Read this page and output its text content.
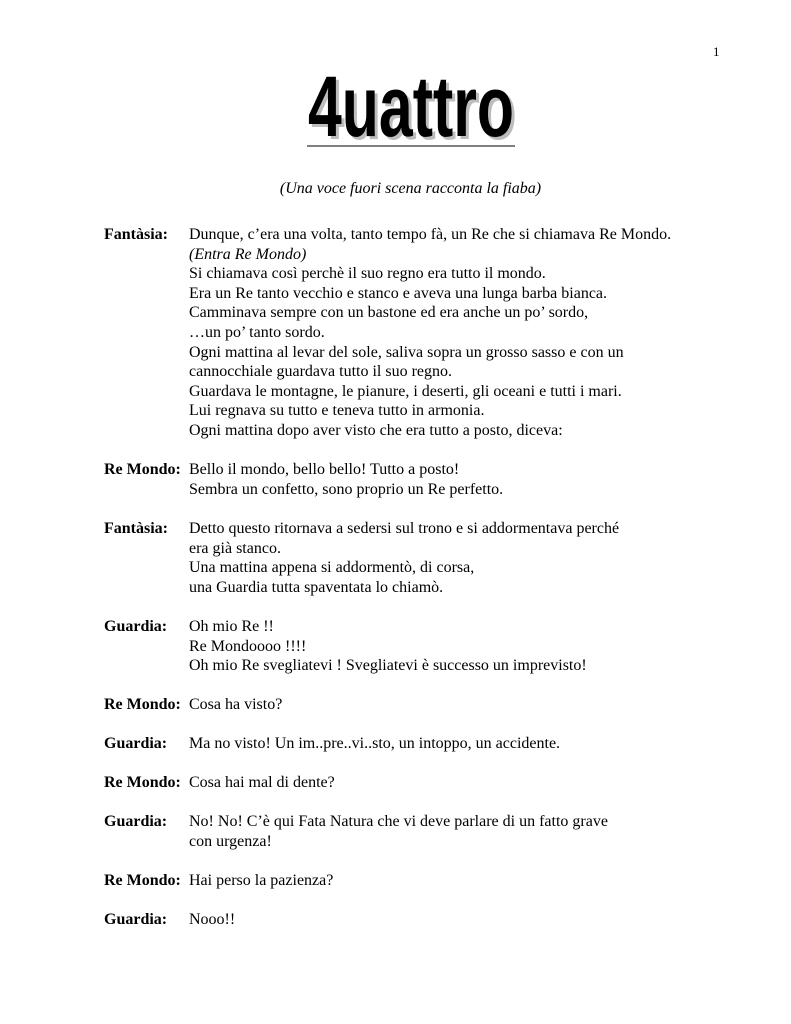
1
4uattro
4uattro
(Una voce fuori scena racconta la fiaba)
Fantàsia: Dunque, c’era una volta, tanto tempo fà, un Re che si chiamava Re Mondo.
(Entra Re Mondo)
Si chiamava così perchè il suo regno era tutto il mondo.
Era un Re tanto vecchio e stanco e aveva una lunga barba bianca.
Camminava sempre con un bastone ed era anche un po’ sordo,
…un po’ tanto sordo.
Ogni mattina al levar del sole, saliva sopra un grosso sasso e con un
cannocchiale guardava tutto il suo regno.
Guardava le montagne, le pianure, i deserti, gli oceani e tutti i mari.
Lui regnava su tutto e teneva tutto in armonia.
Ogni mattina dopo aver visto che era tutto a posto, diceva:
Re Mondo: Bello il mondo, bello bello! Tutto a posto!
Sembra un confetto, sono proprio un Re perfetto.
Fantàsia: Detto questo ritornava a sedersi sul trono e si addormentava perché
era già stanco.
Una mattina appena si addormentò, di corsa,
una Guardia tutta spaventata lo chiamò.
Guardia: Oh mio Re !!
Re Mondoooo !!!!
Oh mio Re svegliatevi ! Svegliatevi è successo un imprevisto!
Re Mondo: Cosa ha visto?
Guardia: Ma no visto! Un im..pre..vi..sto, un intoppo, un accidente.
Re Mondo: Cosa hai mal di dente?
Guardia: No! No! C’è qui Fata Natura che vi deve parlare di un fatto grave
con urgenza!
Re Mondo: Hai perso la pazienza?
Guardia: Nooo!!
